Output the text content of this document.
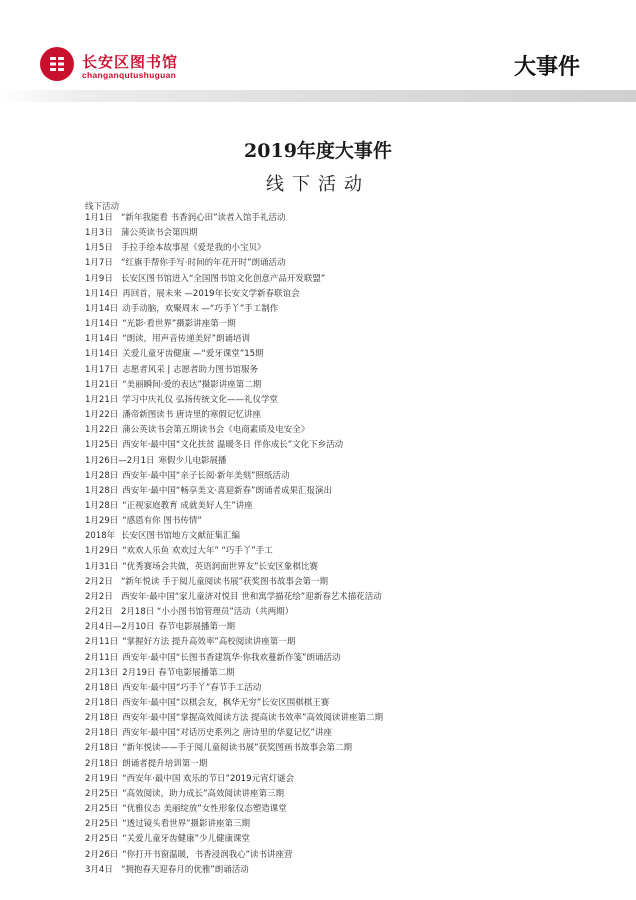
长安区图书馆
changanqutushuguan	大事件
2019年度大事件
线下活动
线下活动
1月1日 “新年我能看 书香润心田”读者入馆手礼活动
1月3日 蒲公英读书会第四期
1月5日 手拉手绘本故事屋《爱是我的小宝贝》
1月7日 “红旗手帮你手写·时间的年花开时”朗诵活动
1月9日 长安区图书馆进入“全国图书馆文化创意产品开发联盟”
1月14日 再回首，展未来 —2019年长安文学新春联谊会
1月14日 动手动脑，欢聚周末 —“巧手丫”手工制作
1月14日 “光影·看世界”摄影讲座第一期
1月14日 “朗读，用声音传递美好”朗诵培训
1月14日 关爱儿童牙齿健康 —“爱牙课堂”15期
1月17日 志愿者风采 | 志愿者助力图书馆服务
1月21日 “美丽瞬间·爱的表达”摄影讲座第二期
1月21日 学习中庆礼仪 弘扬传统文化——礼仪学堂
1月22日 潘帝新图读书 唐诗里的寒假记忆讲座
1月22日 蒲公英读书会第五期读书会《电商素质及电安全》
1月25日 西安年·最中国“文化扶贫 温暖冬日 伴你成长”文化下乡活动
1月26日—2月1日 寒假少儿电影展播
1月28日 西安年·最中国“亲子长阅·新年美刻”照纸活动
1月28日 西安年·最中国“畅享美文·喜迎新春”朗诵者成果汇报演出
1月28日 “正视家庭教育 成就美好人生”讲座
1月29日 “感恩有你 图书传情”
2018年 长安区图书馆地方文献征集汇编
1月29日 “欢欢人乐鱼 欢欢过大年” “巧手丫”手工
1月31日 “优秀赛场会共做，英语润面世界友”长安区象棋比赛
2月2日 “新年悦读 手于阅儿童阅读书展”获奖图书故事会第一期
2月2日 西安年·最中国“家儿童济对悦目 世和寓学描花绘”迎新春艺术描花活动
2月2日 2月18日 “小小图书馆管理员”活动（共两期）
2月4日—2月10日 春节电影展播第一期
2月11日 “掌握好方法 提升高效率”高校阅读讲座第一期
2月11日 西安年·最中国“长图书香建筑华·你我欢蔓新作笺”朗诵活动
2月13日 2月19日 春节电影展播第二期
2月18日 西安年·最中国“巧手丫”春节手工活动
2月18日 西安年·最中国“以棋会友，枫华无穷”长安区围棋棋王赛
2月18日 西安年·最中国“掌握高效阅读方法 提高读书效率”高效阅读讲座第二期
2月18日 西安年·最中国“对话历史系列之 唐诗里的华夏记忆”讲座
2月18日 “新年悦读——手于阅儿童阅读书展”获奖图画书故事会第二期
2月18日 朗诵者提升培训第一期
2月19日 “西安年·最中国 欢乐的节日”2019元宵灯谜会
2月25日 “高效阅读，助力成长”高效阅读讲座第三期
2月25日 “优雅仪态 美丽绽放”女性形象仪态塑造课堂
2月25日 “透过镜头看世界”摄影讲座第三期
2月25日 “关爱儿童牙齿健康”少儿健康课堂
2月26日 “你打开书窗温暖，书香浸润我心”读书讲座营
3月4日 “拥抱春天迎春月的优雅”朗诵活动
